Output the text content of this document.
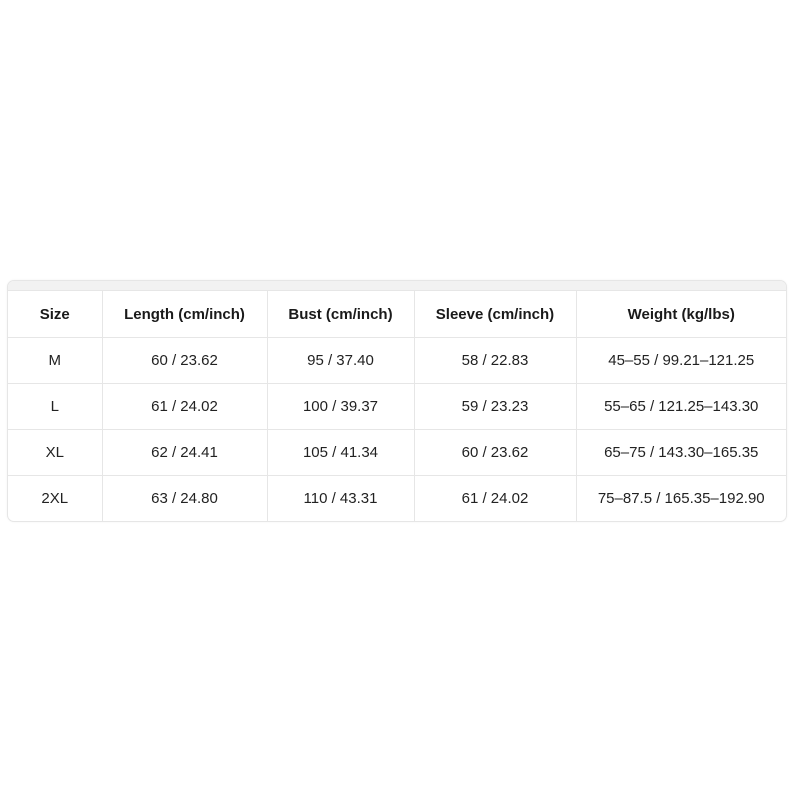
Size	Length (cm/inch)	Bust (cm/inch)	Sleeve (cm/inch)	Weight (kg/lbs)
M	60 / 23.62	95 / 37.40	58 / 22.83	45–55 / 99.21–121.25
L	61 / 24.02	100 / 39.37	59 / 23.23	55–65 / 121.25–143.30
XL	62 / 24.41	105 / 41.34	60 / 23.62	65–75 / 143.30–165.35
2XL	63 / 24.80	110 / 43.31	61 / 24.02	75–87.5 / 165.35–192.90
